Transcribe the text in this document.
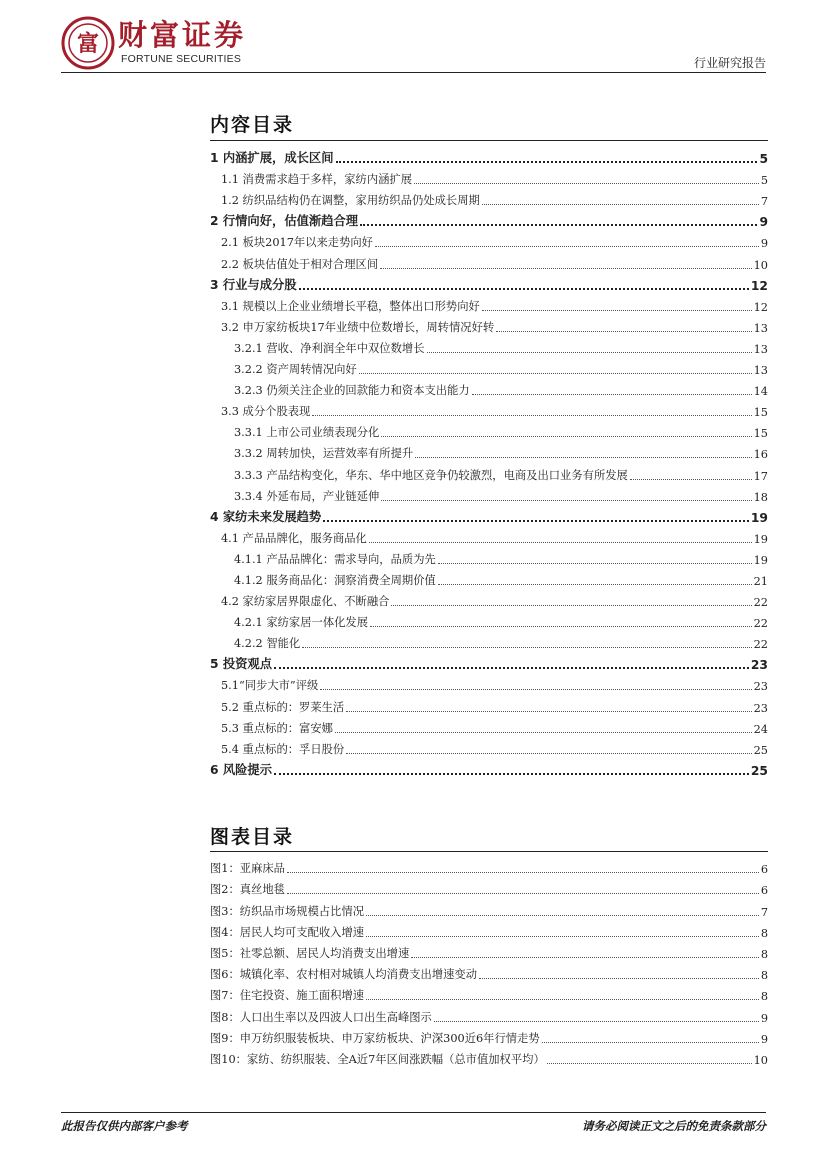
富 财富证券
FORTUNE SECURITIES	行业研究报告
内容目录
1 内涵扩展，成长区间	5
1.1 消费需求趋于多样，家纺内涵扩展	5
1.2 纺织品结构仍在调整，家用纺织品仍处成长周期	7
2 行情向好，估值渐趋合理	9
2.1 板块2017年以来走势向好	9
2.2 板块估值处于相对合理区间	10
3 行业与成分股	12
3.1 规模以上企业业绩增长平稳，整体出口形势向好	12
3.2 申万家纺板块17年业绩中位数增长，周转情况好转	13
3.2.1 营收、净利润全年中双位数增长	13
3.2.2 资产周转情况向好	13
3.2.3 仍须关注企业的回款能力和资本支出能力	14
3.3 成分个股表现	15
3.3.1 上市公司业绩表现分化	15
3.3.2 周转加快，运营效率有所提升	16
3.3.3 产品结构变化，华东、华中地区竞争仍较激烈，电商及出口业务有所发展	17
3.3.4 外延布局，产业链延伸	18
4 家纺未来发展趋势	19
4.1 产品品牌化，服务商品化	19
4.1.1 产品品牌化：需求导向，品质为先	19
4.1.2 服务商品化：洞察消费全周期价值	21
4.2 家纺家居界限虚化、不断融合	22
4.2.1 家纺家居一体化发展	22
4.2.2 智能化	22
5 投资观点	23
5.1“同步大市”评级	23
5.2 重点标的：罗莱生活	23
5.3 重点标的：富安娜	24
5.4 重点标的：孚日股份	25
6 风险提示	25
图表目录
图1：亚麻床品	6
图2：真丝地毯	6
图3：纺织品市场规模占比情况	7
图4：居民人均可支配收入增速	8
图5：社零总额、居民人均消费支出增速	8
图6：城镇化率、农村相对城镇人均消费支出增速变动	8
图7：住宅投资、施工面积增速	8
图8：人口出生率以及四波人口出生高峰图示	9
图9：申万纺织服装板块、申万家纺板块、沪深300近6年行情走势	9
图10：家纺、纺织服装、全A近7年区间涨跌幅（总市值加权平均）	10
此报告仅供内部客户参考	请务必阅读正文之后的免责条款部分
